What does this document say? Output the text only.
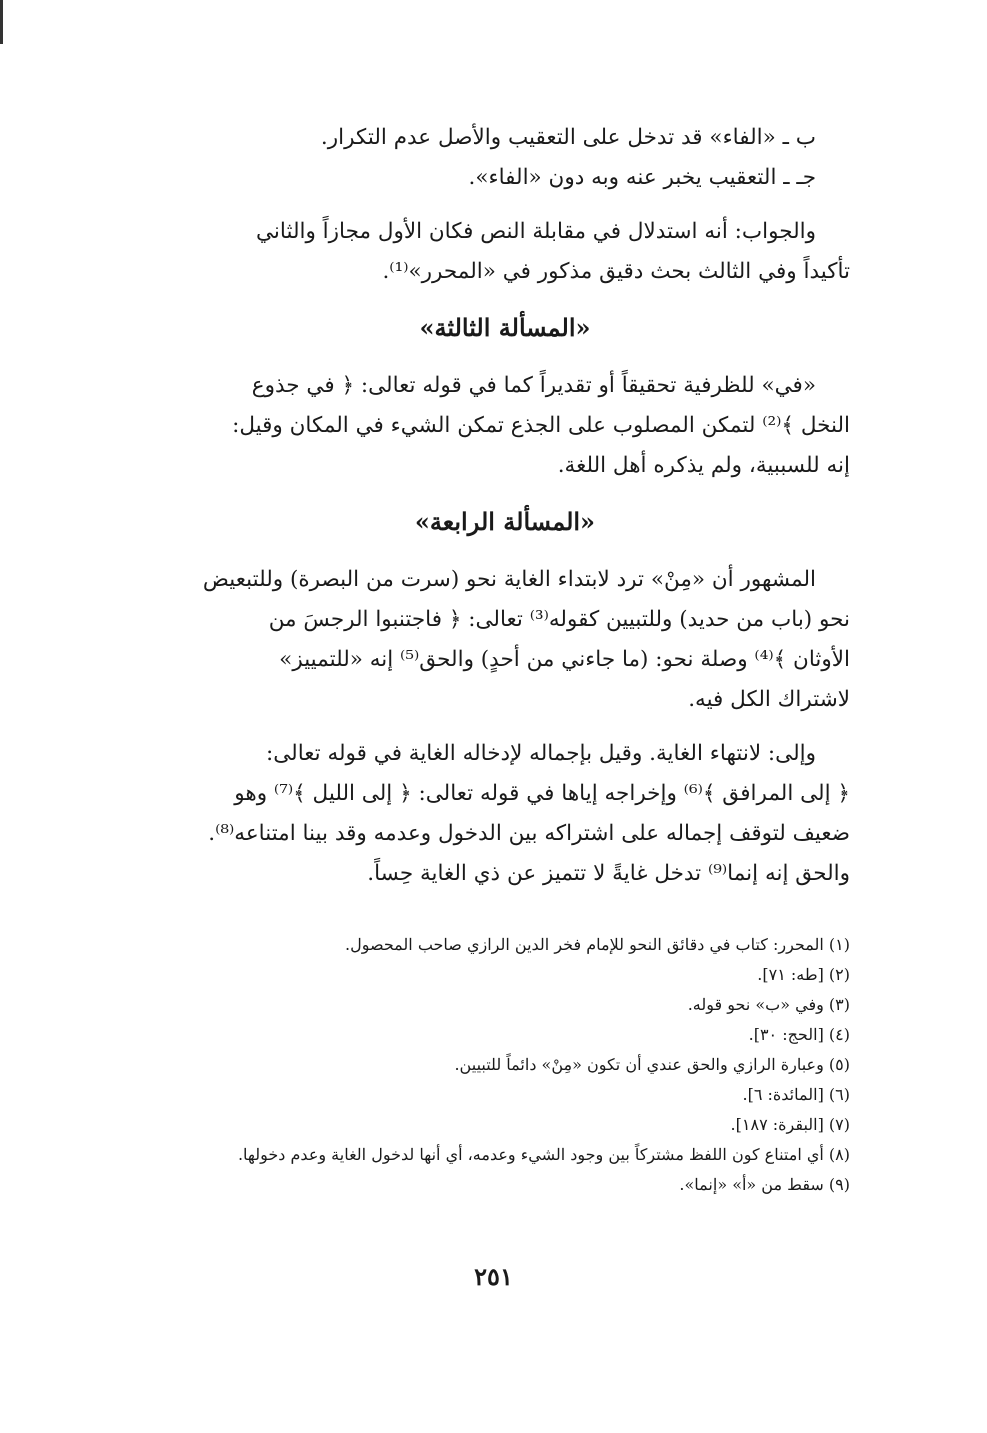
ب ـ «الفاء» قد تدخل على التعقيب والأصل عدم التكرار.

جـ ـ التعقيب يخبر عنه وبه دون «الفاء».

والجواب: أنه استدلال في مقابلة النص فكان الأول مجازاً والثاني

تأكيداً وفي الثالث بحث دقيق مذكور في «المحرر»⁽¹⁾.

«المسألة الثالثة»

«في» للظرفية تحقيقاً أو تقديراً كما في قوله تعالى: ﴿ في جذوع

النخل ﴾⁽²⁾ لتمكن المصلوب على الجذع تمكن الشيء في المكان وقيل:

إنه للسببية، ولم يذكره أهل اللغة.

«المسألة الرابعة»

المشهور أن «مِنْ» ترد لابتداء الغاية نحو (سرت من البصرة) وللتبعيض

نحو (باب من حديد) وللتبيين كقوله⁽³⁾ تعالى: ﴿ فاجتنبوا الرجسَ من

الأوثان ﴾⁽⁴⁾ وصلة نحو: (ما جاءني من أحدٍ) والحق⁽⁵⁾ إنه «للتمييز»

لاشتراك الكل فيه.

وإلى: لانتهاء الغاية. وقيل بإجماله لإدخاله الغاية في قوله تعالى:

﴿ إلى المرافق ﴾⁽⁶⁾ وإخراجه إياها في قوله تعالى: ﴿ إلى الليل ﴾⁽⁷⁾ وهو

ضعيف لتوقف إجماله على اشتراكه بين الدخول وعدمه وقد بينا امتناعه⁽⁸⁾.

والحق إنه إنما⁽⁹⁾ تدخل غايةً لا تتميز عن ذي الغاية حِساً.

(١) المحرر: كتاب في دقائق النحو للإمام فخر الدين الرازي صاحب المحصول.

(٢) [طه: ٧١].

(٣) وفي «ب» نحو قوله.

(٤) [الحج: ٣٠].

(٥) وعبارة الرازي والحق عندي أن تكون «مِنْ» دائماً للتبيين.

(٦) [المائدة: ٦].

(٧) [البقرة: ١٨٧].

(٨) أي امتناع كون اللفظ مشتركاً بين وجود الشيء وعدمه، أي أنها لدخول الغاية وعدم دخولها.

(٩) سقط من «أ» «إنما».

٢٥١
